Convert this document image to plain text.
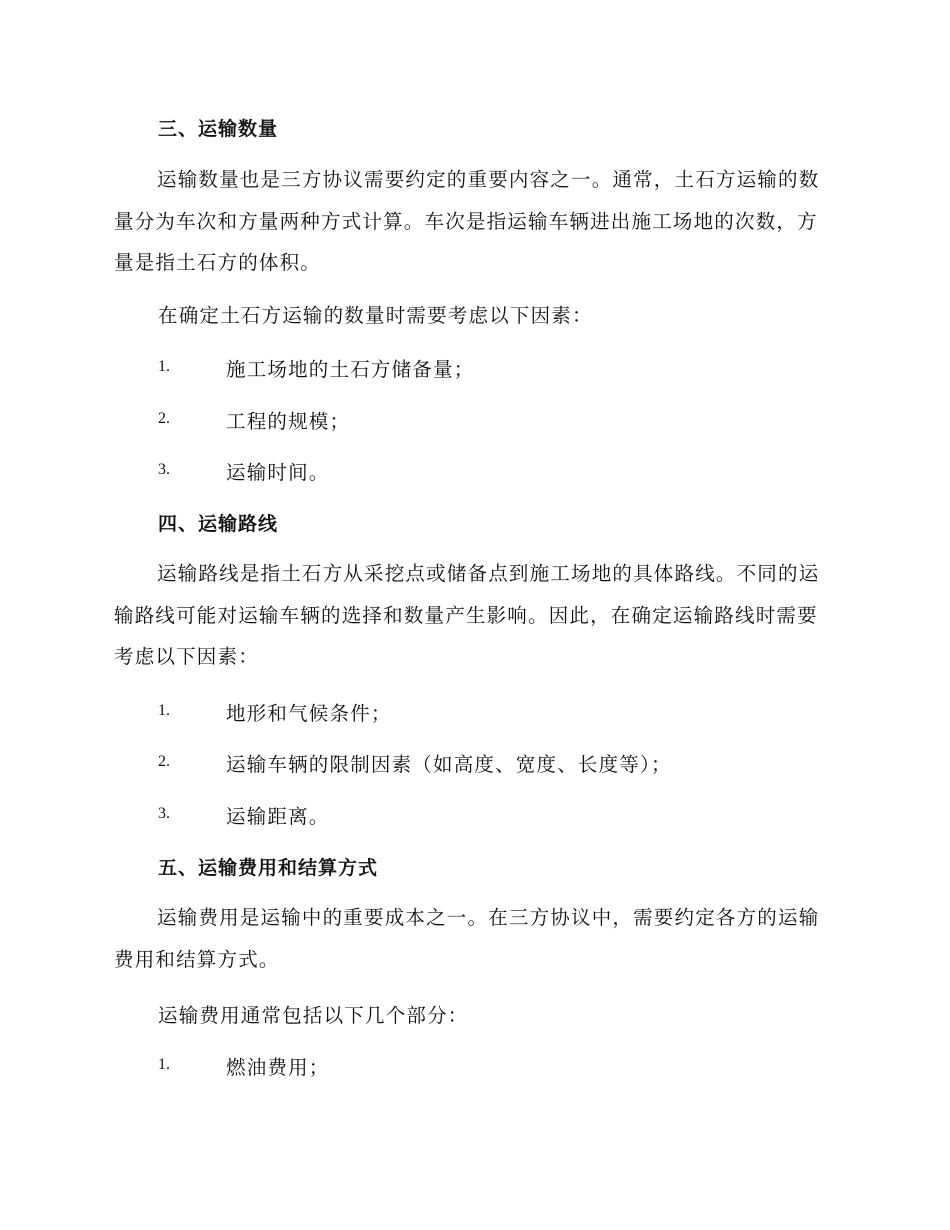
三、运输数量

运输数量也是三方协议需要约定的重要内容之一。通常，土石方运输的数量分为车次和方量两种方式计算。车次是指运输车辆进出施工场地的次数，方量是指土石方的体积。

在确定土石方运输的数量时需要考虑以下因素：
1.	施工场地的土石方储备量；
2.	工程的规模；
3.	运输时间。
四、运输路线

运输路线是指土石方从采挖点或储备点到施工场地的具体路线。不同的运输路线可能对运输车辆的选择和数量产生影响。因此，在确定运输路线时需要考虑以下因素：

1.	地形和气候条件；
2.	运输车辆的限制因素（如高度、宽度、长度等）；
3.	运输距离。
五、运输费用和结算方式

运输费用是运输中的重要成本之一。在三方协议中，需要约定各方的运输费用和结算方式。

运输费用通常包括以下几个部分：
1.	燃油费用；
